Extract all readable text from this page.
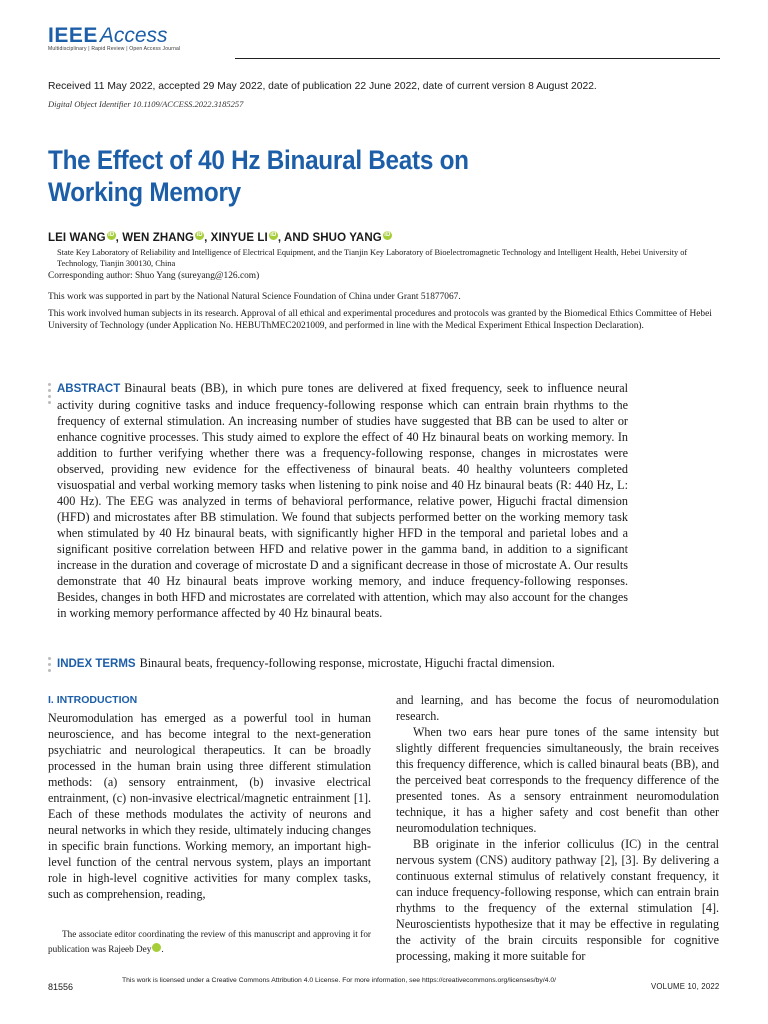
IEEEAccess
Multidisciplinary | Rapid Review | Open Access Journal
Received 11 May 2022, accepted 29 May 2022, date of publication 22 June 2022, date of current version 8 August 2022.
Digital Object Identifier 10.1109/ACCESS.2022.3185257
The Effect of 40 Hz Binaural Beats on Working Memory
LEI WANG iD, WEN ZHANG iD, XINYUE LI iD, AND SHUO YANG iD
State Key Laboratory of Reliability and Intelligence of Electrical Equipment, and the Tianjin Key Laboratory of Bioelectromagnetic Technology and Intelligent Health, Hebei University of Technology, Tianjin 300130, China
Corresponding author: Shuo Yang (sureyang@126.com)
This work was supported in part by the National Natural Science Foundation of China under Grant 51877067.
This work involved human subjects in its research. Approval of all ethical and experimental procedures and protocols was granted by the Biomedical Ethics Committee of Hebei University of Technology (under Application No. HEBUThMEC2021009, and performed in line with the Medical Experiment Ethical Inspection Declaration).
ABSTRACT Binaural beats (BB), in which pure tones are delivered at fixed frequency, seek to influence neural activity during cognitive tasks and induce frequency-following response which can entrain brain rhythms to the frequency of external stimulation. An increasing number of studies have suggested that BB can be used to alter or enhance cognitive processes. This study aimed to explore the effect of 40 Hz binaural beats on working memory. In addition to further verifying whether there was a frequency-following response, changes in microstates were observed, providing new evidence for the effectiveness of binaural beats. 40 healthy volunteers completed visuospatial and verbal working memory tasks when listening to pink noise and 40 Hz binaural beats (R: 440 Hz, L: 400 Hz). The EEG was analyzed in terms of behavioral performance, relative power, Higuchi fractal dimension (HFD) and microstates after BB stimulation. We found that subjects performed better on the working memory task when stimulated by 40 Hz binaural beats, with significantly higher HFD in the temporal and parietal lobes and a significant positive correlation between HFD and relative power in the gamma band, in addition to a significant increase in the duration and coverage of microstate D and a significant decrease in those of microstate A. Our results demonstrate that 40 Hz binaural beats improve working memory, and induce frequency-following responses. Besides, changes in both HFD and microstates are correlated with attention, which may also account for the changes in working memory performance affected by 40 Hz binaural beats.
INDEX TERMS Binaural beats, frequency-following response, microstate, Higuchi fractal dimension.
I. INTRODUCTION

Neuromodulation has emerged as a powerful tool in human neuroscience, and has become integral to the next-generation psychiatric and neurological therapeutics. It can be broadly processed in the human brain using three different stimulation methods: (a) sensory entrainment, (b) invasive electrical entrainment, (c) non-invasive electrical/magnetic entrainment [1]. Each of these methods modulates the activity of neurons and neural networks in which they reside, ultimately inducing changes in specific brain functions. Working memory, an important high-level function of the central nervous system, plays an important role in high-level cognitive activities for many complex tasks, such as comprehension, reading,

The associate editor coordinating the review of this manuscript and approving it for publication was Rajeeb Dey	iD.

and learning, and has become the focus of neuromodulation research.

When two ears hear pure tones of the same intensity but slightly different frequencies simultaneously, the brain receives this frequency difference, which is called binaural beats (BB), and the perceived beat corresponds to the frequency difference of the presented tones. As a sensory entrainment neuromodulation technique, it has a higher safety and cost benefit than other neuromodulation techniques.

BB originate in the inferior colliculus (IC) in the central nervous system (CNS) auditory pathway [2], [3]. By delivering a continuous external stimulus of relatively constant frequency, it can induce frequency-following response, which can entrain brain rhythms to the frequency of the external stimulation [4]. Neuroscientists hypothesize that it may be effective in regulating the activity of the brain circuits responsible for cognitive processing, making it more suitable for

81556
This work is licensed under a Creative Commons Attribution 4.0 License. For more information, see https://creativecommons.org/licenses/by/4.0/
VOLUME 10, 2022
